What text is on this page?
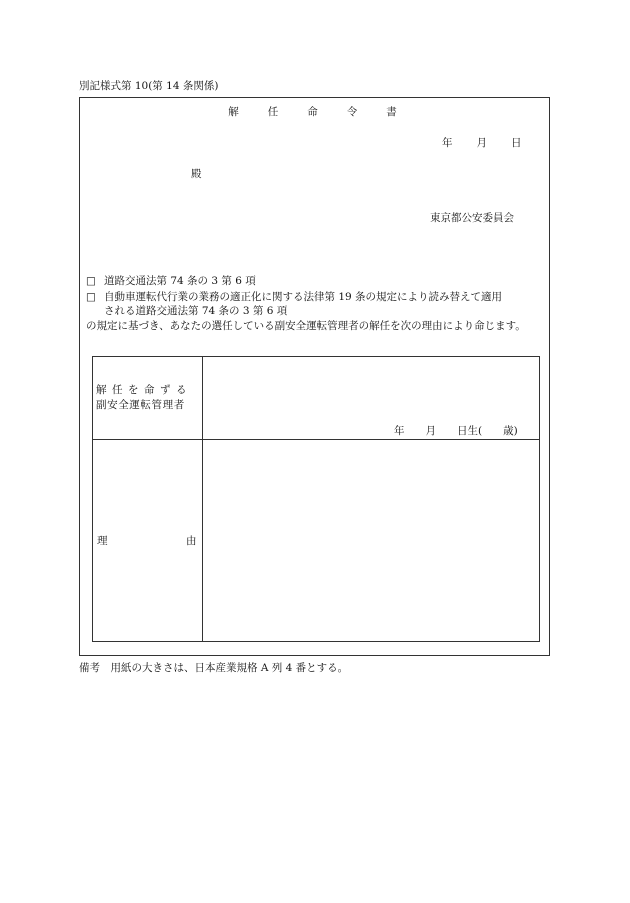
別記様式第 10(第 14 条関係)
解任命令書
年 月 日
殿
東京都公安委員会
□ 道路交通法第 74 条の 3 第 6 項
□ 自動車運転代行業の業務の適正化に関する法律第 19 条の規定により読み替えて適用
される道路交通法第 74 条の 3 第 6 項
の規定に基づき、あなたの選任している副安全運転管理者の解任を次の理由により命じます。
解任を命ずる
副安全運転管理者
年　　月　　日生(　　歳)
理	由
備考　用紙の大きさは、日本産業規格 A 列 4 番とする。
